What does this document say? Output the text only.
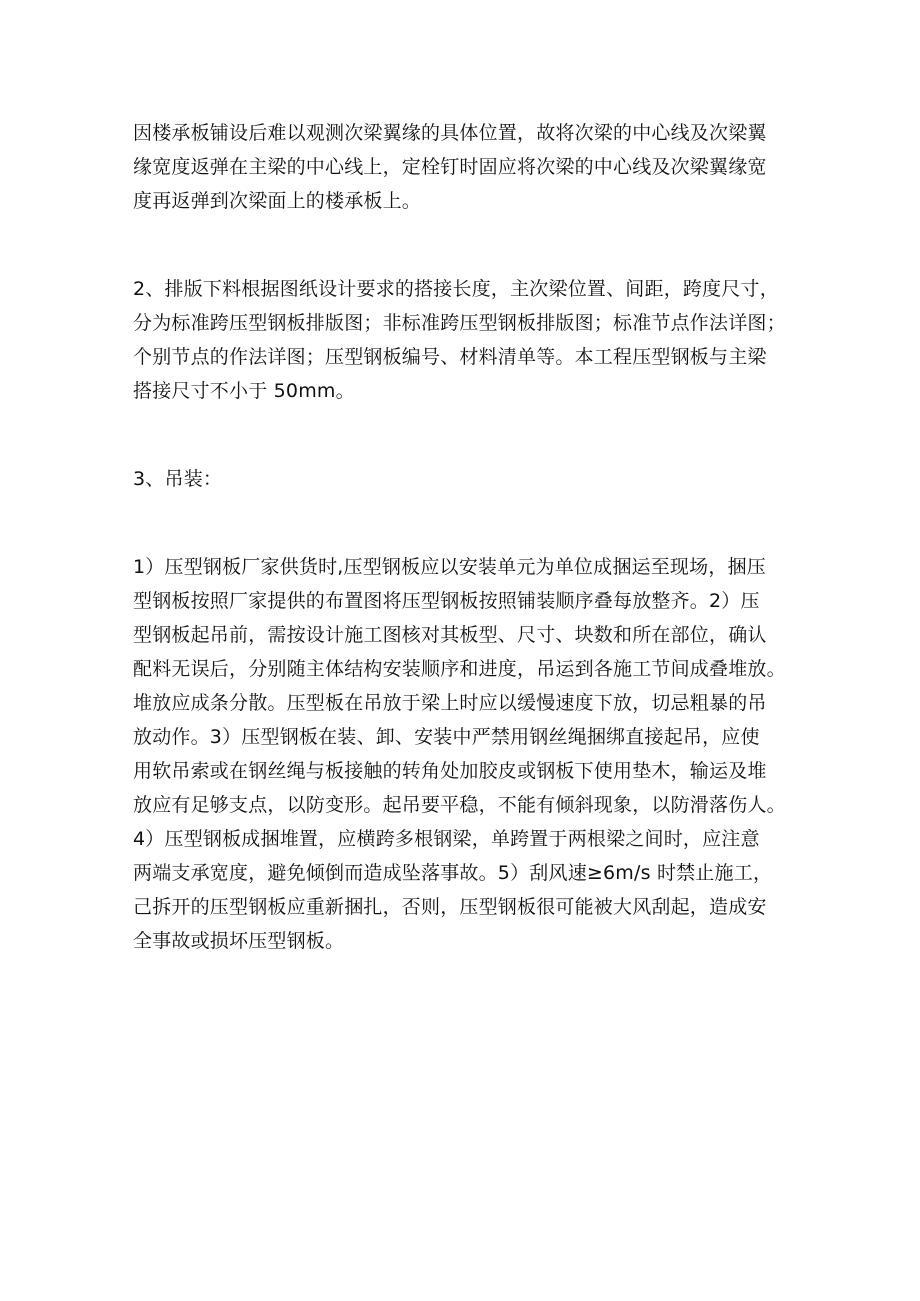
因楼承板铺设后难以观测次梁翼缘的具体位置，故将次梁的中心线及次梁翼
缘宽度返弹在主梁的中心线上，定栓钉时固应将次梁的中心线及次梁翼缘宽
度再返弹到次梁面上的楼承板上。
2、排版下料根据图纸设计要求的搭接长度，主次梁位置、间距，跨度尺寸，
分为标准跨压型钢板排版图；非标准跨压型钢板排版图；标准节点作法详图；
个别节点的作法详图；压型钢板编号、材料清单等。本工程压型钢板与主梁
搭接尺寸不小于 50mm。
3、吊装：
1）压型钢板厂家供货时,压型钢板应以安装单元为单位成捆运至现场，捆压
型钢板按照厂家提供的布置图将压型钢板按照铺装顺序叠每放整齐。2）压
型钢板起吊前，需按设计施工图核对其板型、尺寸、块数和所在部位，确认
配料无误后，分别随主体结构安装顺序和进度，吊运到各施工节间成叠堆放。
堆放应成条分散。压型板在吊放于梁上时应以缓慢速度下放，切忌粗暴的吊
放动作。3）压型钢板在装、卸、安装中严禁用钢丝绳捆绑直接起吊，应使
用软吊索或在钢丝绳与板接触的转角处加胶皮或钢板下使用垫木，输运及堆
放应有足够支点，以防变形。起吊要平稳，不能有倾斜现象，以防滑落伤人。
4）压型钢板成捆堆置，应横跨多根钢梁，单跨置于两根梁之间时，应注意
两端支承宽度，避免倾倒而造成坠落事故。5）刮风速≥6m∕s 时禁止施工，
己拆开的压型钢板应重新捆扎，否则，压型钢板很可能被大风刮起，造成安
全事故或损坏压型钢板。
